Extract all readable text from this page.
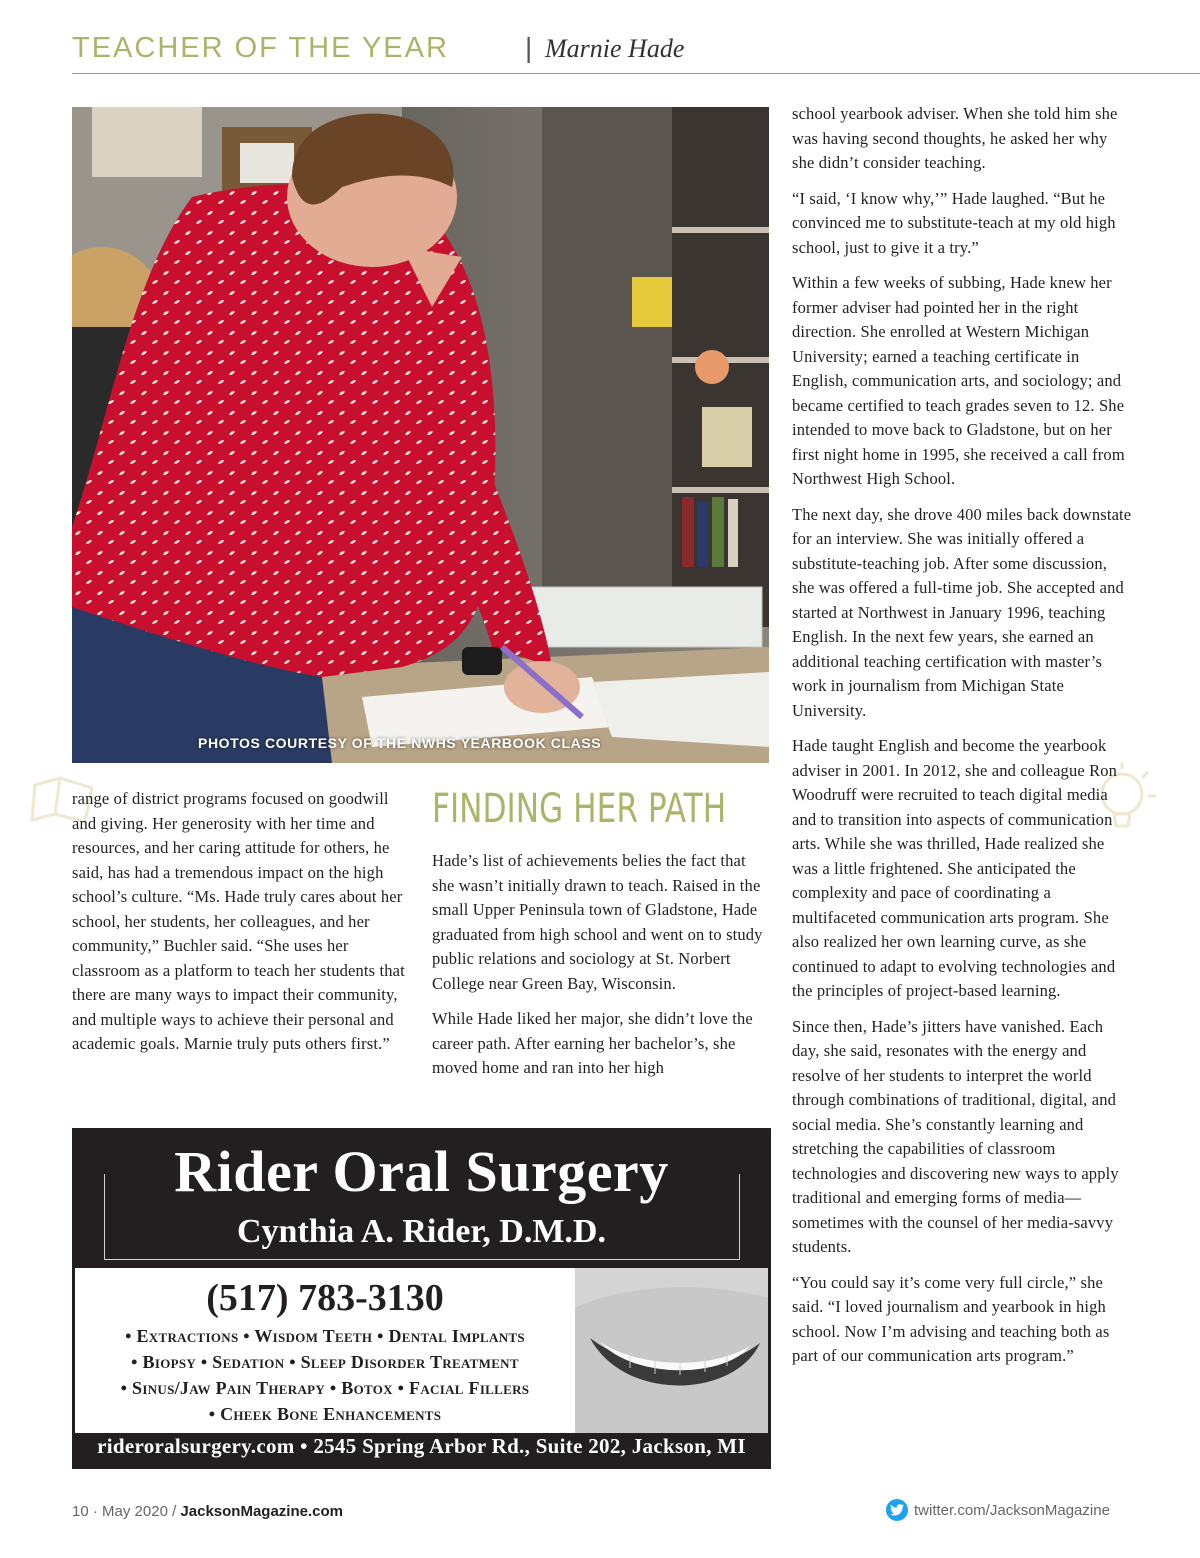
TEACHER OF THE YEAR	| Marnie Hade
PHOTOS COURTESY OF THE NWHS YEARBOOK CLASS

range of district programs focused on goodwill and giving. Her generosity with her time and resources, and her caring attitude for others, he said, has had a tremendous impact on the high school’s culture. “Ms. Hade truly cares about her school, her students, her colleagues, and her community,” Buchler said. “She uses her classroom as a platform to teach her students that there are many ways to impact their community, and multiple ways to achieve their personal and academic goals. Marnie truly puts others first.”

FINDING HER PATH

Hade’s list of achievements belies the fact that she wasn’t initially drawn to teach. Raised in the small Upper Peninsula town of Gladstone, Hade graduated from high school and went on to study public relations and sociology at St. Norbert College near Green Bay, Wisconsin.

While Hade liked her major, she didn’t love the career path. After earning her bachelor’s, she moved home and ran into her high

school yearbook adviser. When she told him she was having second thoughts, he asked her why she didn’t consider teaching.

“I said, ‘I know why,’” Hade laughed. “But he convinced me to substitute-teach at my old high school, just to give it a try.”

Within a few weeks of subbing, Hade knew her former adviser had pointed her in the right direction. She enrolled at Western Michigan University; earned a teaching certificate in English, communication arts, and sociology; and became certified to teach grades seven to 12. She intended to move back to Gladstone, but on her first night home in 1995, she received a call from Northwest High School.

The next day, she drove 400 miles back downstate for an interview. She was initially offered a substitute-teaching job. After some discussion, she was offered a full-time job. She accepted and started at Northwest in January 1996, teaching English. In the next few years, she earned an additional teaching certification with master’s work in journalism from Michigan State University.

Hade taught English and become the yearbook adviser in 2001. In 2012, she and colleague Ron Woodruff were recruited to teach digital media and to transition into aspects of communication arts. While she was thrilled, Hade realized she was a little frightened. She anticipated the complexity and pace of coordinating a multifaceted communication arts program. She also realized her own learning curve, as she continued to adapt to evolving technologies and the principles of project-based learning.

Since then, Hade’s jitters have vanished. Each day, she said, resonates with the energy and resolve of her students to interpret the world through combinations of traditional, digital, and social media. She’s constantly learning and stretching the capabilities of classroom technologies and discovering new ways to apply traditional and emerging forms of media—sometimes with the counsel of her media-savvy students.

“You could say it’s come very full circle,” she said. “I loved journalism and yearbook in high school. Now I’m advising and teaching both as part of our communication arts program.”

Rider Oral Surgery
Cynthia A. Rider, D.M.D.
(517) 783-3130
• Extractions • Wisdom Teeth • Dental Implants
• Biopsy • Sedation • Sleep Disorder Treatment
• Sinus/Jaw Pain Therapy • Botox • Facial Fillers
• Cheek Bone Enhancements
rideroralsurgery.com • 2545 Spring Arbor Rd., Suite 202, Jackson, MI
10 · May 2020 / JacksonMagazine.com	twitter.com/JacksonMagazine
